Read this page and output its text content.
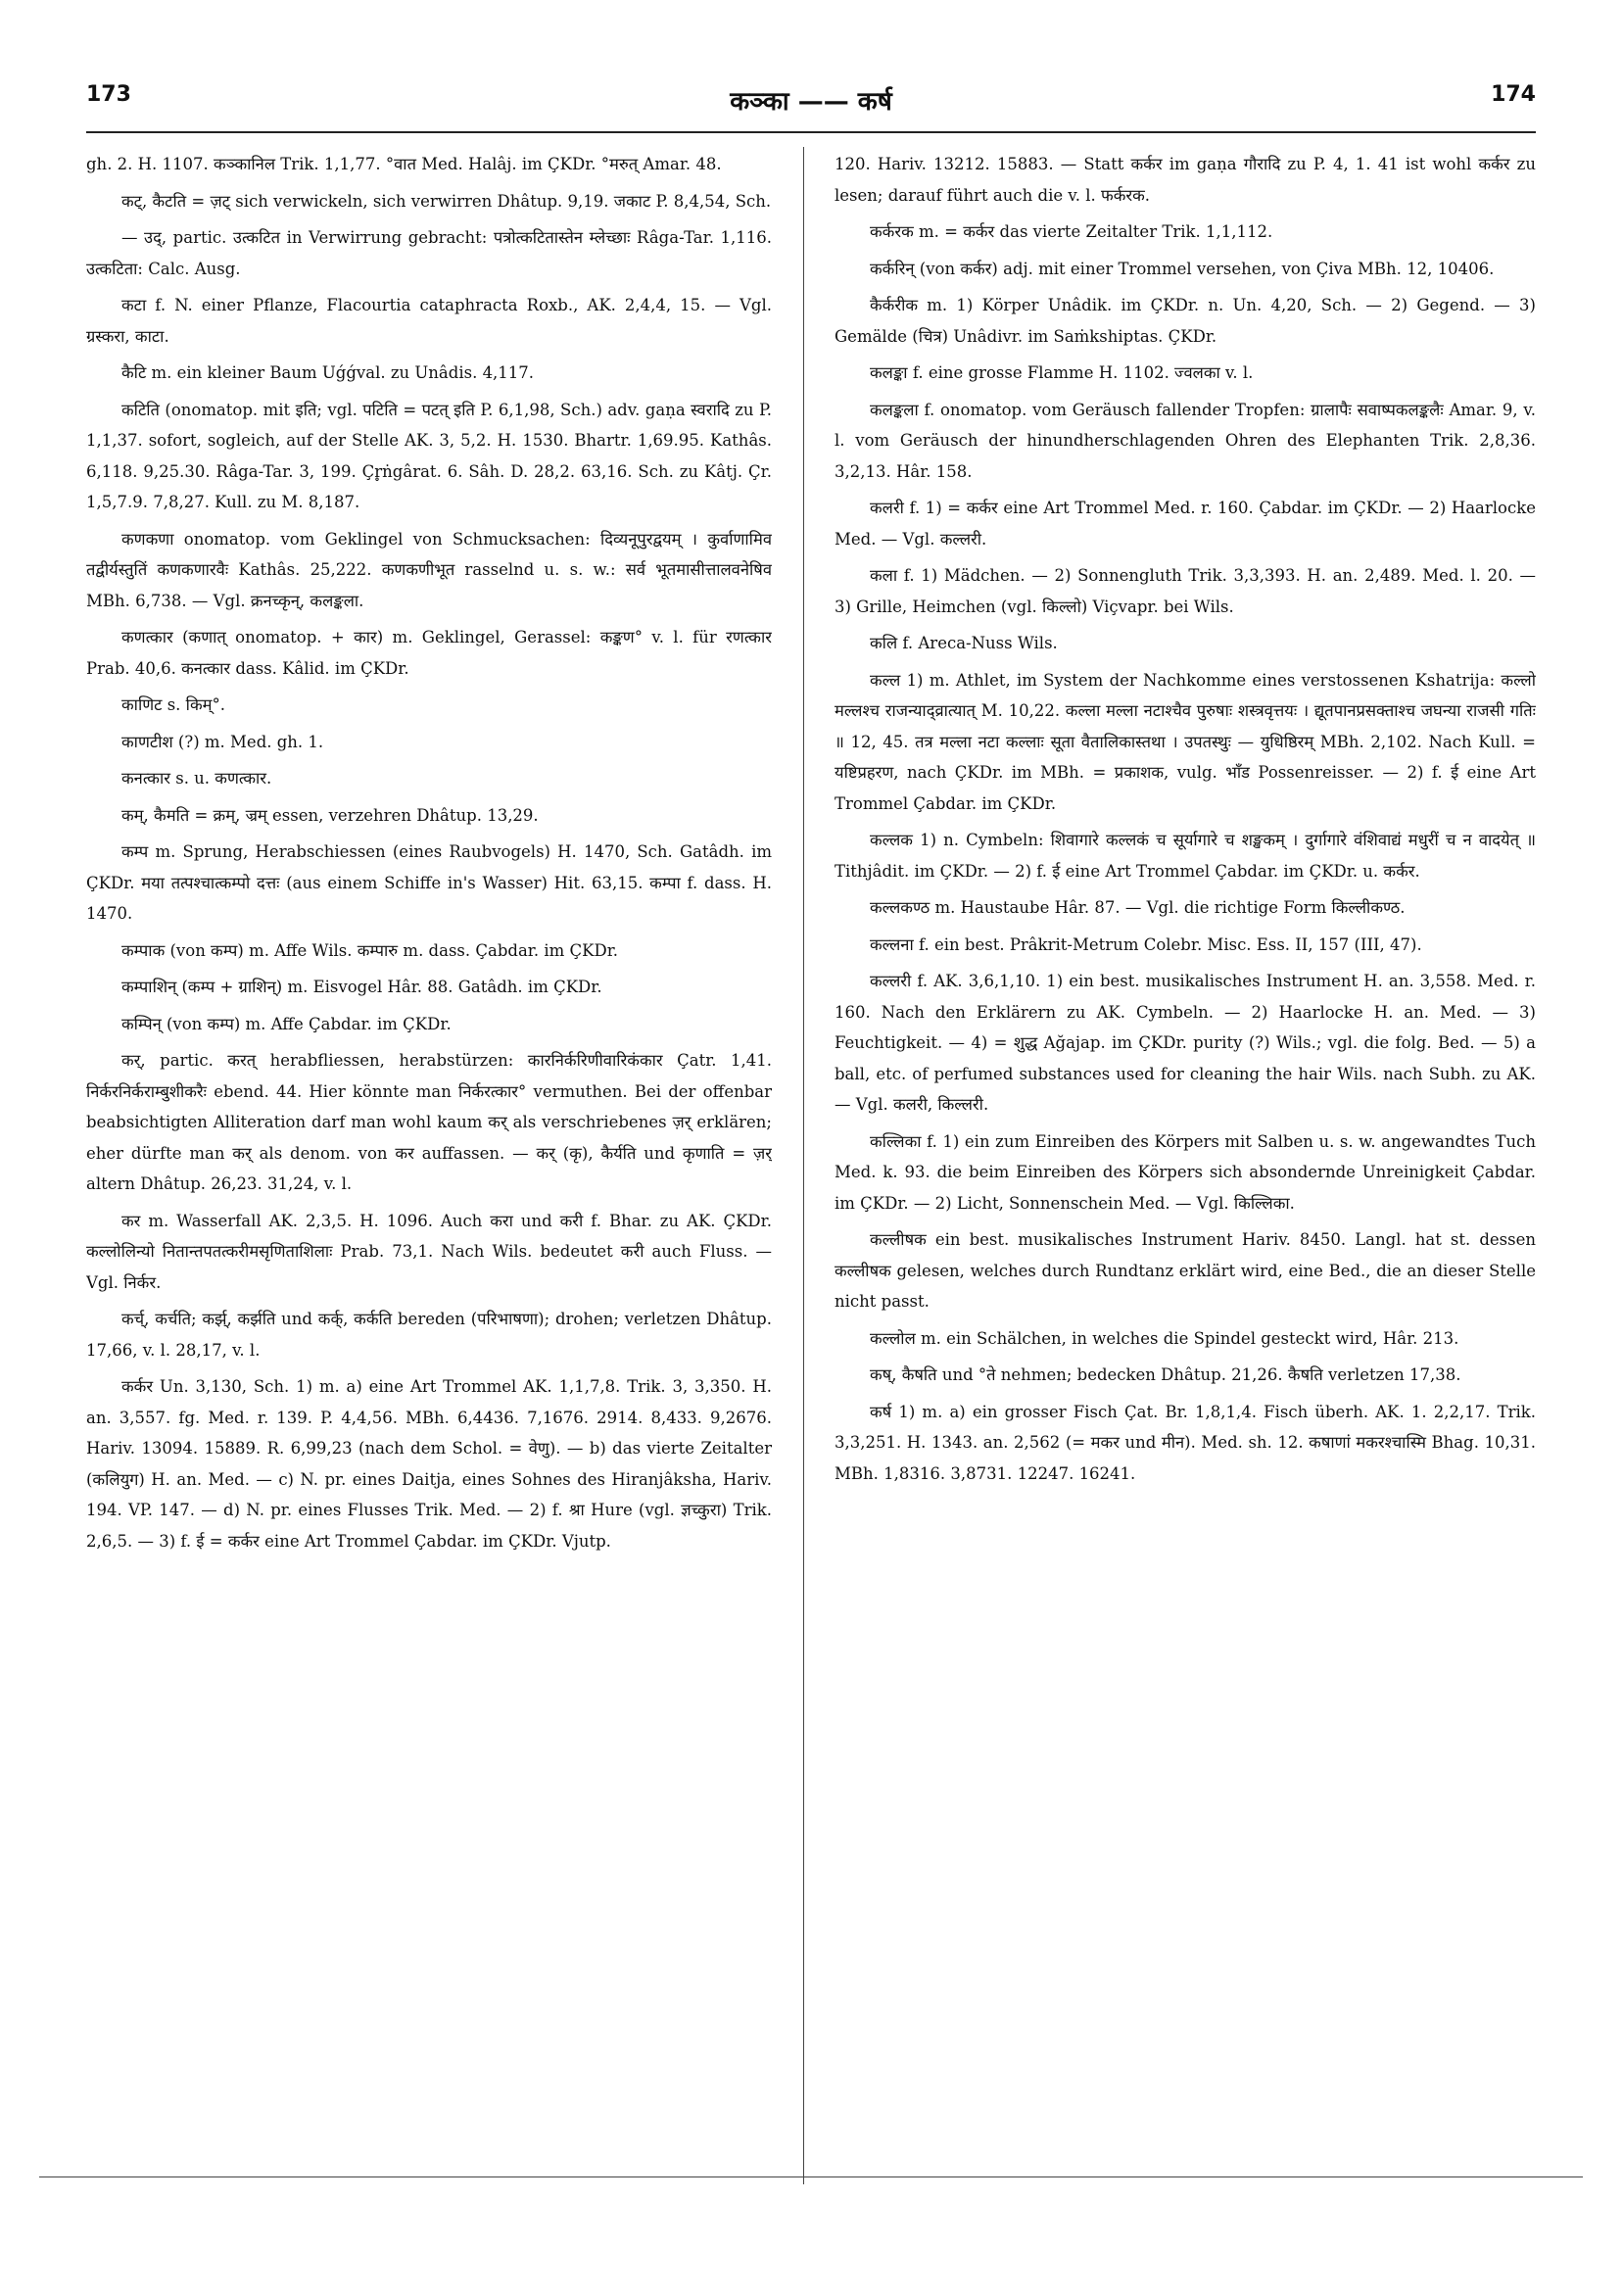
173	कञ्का —— कर्ष	174

gh. 2. H. 1107. कञ्कानिल Trik. 1,1,77. °वात Med. Halâj. im ÇKDr. °मरुत् Amar. 48.

कट्, कैटति = ज़ट् sich verwickeln, sich verwirren Dhâtup. 9,19. जकाट P. 8,4,54, Sch.

— उद्, partic. उत्कटित in Verwirrung gebracht: पत्रोत्कटितास्तेन म्लेच्छाः Râga-Tar. 1,116. उत्कटिता: Calc. Ausg.

कटा f. N. einer Pflanze, Flacourtia cataphracta Roxb., AK. 2,4,4, 15. — Vgl. ग्रस्करा, काटा.

कैटि m. ein kleiner Baum Uǵǵval. zu Unâdis. 4,117.

कटिति (onomatop. mit इति; vgl. पटिति = पटत् इति P. 6,1,98, Sch.) adv. gaṇa स्वरादि zu P. 1,1,37. sofort, sogleich, auf der Stelle AK. 3, 5,2. H. 1530. Bhartr. 1,69.95. Kathâs. 6,118. 9,25.30. Râga-Tar. 3, 199. Çr̥ṅgârat. 6. Sâh. D. 28,2. 63,16. Sch. zu Kâtj. Çr. 1,5,7.9. 7,8,27. Kull. zu M. 8,187.

कणकणा onomatop. vom Geklingel von Schmucksachen: दिव्यनूपुरद्वयम् । कुर्वाणामिव तद्वीर्यस्तुतिं कणकणारवैः Kathâs. 25,222. कणकणीभूत rasselnd u. s. w.: सर्व भूतमासीत्तालवनेषिव MBh. 6,738. — Vgl. क्रनच्कृन्, कलङ्कला.

कणत्कार (कणात् onomatop. + कार) m. Geklingel, Gerassel: कङ्कण° v. l. für रणत्कार Prab. 40,6. कनत्कार dass. Kâlid. im ÇKDr.

काणिट s. किम्°.

काणटीश (?) m. Med. gh. 1.

कनत्कार s. u. कणत्कार.

कम्, कैमति = क्रम्, ज्रम् essen, verzehren Dhâtup. 13,29.

कम्प m. Sprung, Herabschiessen (eines Raubvogels) H. 1470, Sch. Gatâdh. im ÇKDr. मया तत्पश्चात्कम्पो दत्तः (aus einem Schiffe in's Wasser) Hit. 63,15. कम्पा f. dass. H. 1470.

कम्पाक (von कम्प) m. Affe Wils. कम्पारु m. dass. Çabdar. im ÇKDr.

कम्पाशिन् (कम्प + ग्राशिन्) m. Eisvogel Hâr. 88. Gatâdh. im ÇKDr.

कम्पिन् (von कम्प) m. Affe Çabdar. im ÇKDr.

कर्, partic. करत् herabfliessen, herabstürzen: कारनिर्करिणीवारिकंकार Çatr. 1,41. निर्करनिर्कराम्बुशीकरैः ebend. 44. Hier könnte man निर्करत्कार° vermuthen. Bei der offenbar beabsichtigten Alliteration darf man wohl kaum कर् als verschriebenes ज़र् erklären; eher dürfte man कर् als denom. von कर auffassen. — कर् (कृ), कैर्यति und कृणाति = ज़र् altern Dhâtup. 26,23. 31,24, v. l.

कर m. Wasserfall AK. 2,3,5. H. 1096. Auch करा und करी f. Bhar. zu AK. ÇKDr. कल्लोलिन्यो नितान्तपतत्करीमसृणिताशिलाः Prab. 73,1. Nach Wils. bedeutet करी auch Fluss. — Vgl. निर्कर.

कर्च्, कर्चति; कर्झ्, कर्झति und कर्क्, कर्कति bereden (परिभाषणा); drohen; verletzen Dhâtup. 17,66, v. l. 28,17, v. l.

कर्कर Un. 3,130, Sch. 1) m. a) eine Art Trommel AK. 1,1,7,8. Trik. 3, 3,350. H. an. 3,557. fg. Med. r. 139. P. 4,4,56. MBh. 6,4436. 7,1676. 2914. 8,433. 9,2676. Hariv. 13094. 15889. R. 6,99,23 (nach dem Schol. = वेणु). — b) das vierte Zeitalter (कलियुग) H. an. Med. — c) N. pr. eines Daitja, eines Sohnes des Hiranjâksha, Hariv. 194. VP. 147. — d) N. pr. eines Flusses Trik. Med. — 2) f. श्रा Hure (vgl. ज्ञच्कुरा) Trik. 2,6,5. — 3) f. ई = कर्कर eine Art Trommel Çabdar. im ÇKDr. Vjutp.

120. Hariv. 13212. 15883. — Statt कर्कर im gaṇa गौरादि zu P. 4, 1. 41 ist wohl कर्कर zu lesen; darauf führt auch die v. l. फर्करक.

कर्करक m. = कर्कर das vierte Zeitalter Trik. 1,1,112.

कर्करिन् (von कर्कर) adj. mit einer Trommel versehen, von Çiva MBh. 12, 10406.

कैर्करीक m. 1) Körper Unâdik. im ÇKDr. n. Un. 4,20, Sch. — 2) Gegend. — 3) Gemälde (चित्र) Unâdivr. im Saṁkshiptas. ÇKDr.

कलङ्का f. eine grosse Flamme H. 1102. ज्वलका v. l.

कलङ्कला f. onomatop. vom Geräusch fallender Tropfen: ग्रालापैः सवाष्पकलङ्कलैः Amar. 9, v. l. vom Geräusch der hinundherschlagenden Ohren des Elephanten Trik. 2,8,36. 3,2,13. Hâr. 158.

कलरी f. 1) = कर्कर eine Art Trommel Med. r. 160. Çabdar. im ÇKDr. — 2) Haarlocke Med. — Vgl. कल्लरी.

कला f. 1) Mädchen. — 2) Sonnengluth Trik. 3,3,393. H. an. 2,489. Med. l. 20. — 3) Grille, Heimchen (vgl. किल्लो) Viçvapr. bei Wils.

कलि f. Areca-Nuss Wils.

कल्ल 1) m. Athlet, im System der Nachkomme eines verstossenen Kshatrija: कल्लो मल्लश्च राजन्याद्व्रात्यात् M. 10,22. कल्ला मल्ला नटाश्चैव पुरुषाः शस्त्रवृत्तयः । द्यूतपानप्रसक्ताश्च जघन्या राजसी गतिः ॥ 12, 45. तत्र मल्ला नटा कल्लाः सूता वैतालिकास्तथा । उपतस्थुः — युधिष्ठिरम् MBh. 2,102. Nach Kull. = यष्टिप्रहरण, nach ÇKDr. im MBh. = प्रकाशक, vulg. भाँड Possenreisser. — 2) f. ई eine Art Trommel Çabdar. im ÇKDr.

कल्लक 1) n. Cymbeln: शिवागारे कल्लकं च सूर्यागारे च शङ्खकम् । दुर्गागारे वंशिवाद्यं मधुरीं च न वादयेत् ॥ Tithjâdit. im ÇKDr. — 2) f. ई eine Art Trommel Çabdar. im ÇKDr. u. कर्कर.

कल्लकण्ठ m. Haustaube Hâr. 87. — Vgl. die richtige Form किल्लीकण्ठ.

कल्लना f. ein best. Prâkrit-Metrum Colebr. Misc. Ess. II, 157 (III, 47).

कल्लरी f. AK. 3,6,1,10. 1) ein best. musikalisches Instrument H. an. 3,558. Med. r. 160. Nach den Erklärern zu AK. Cymbeln. — 2) Haarlocke H. an. Med. — 3) Feuchtigkeit. — 4) = शुद्ध Ağajap. im ÇKDr. purity (?) Wils.; vgl. die folg. Bed. — 5) a ball, etc. of perfumed substances used for cleaning the hair Wils. nach Subh. zu AK. — Vgl. कलरी, किल्लरी.

कल्लिका f. 1) ein zum Einreiben des Körpers mit Salben u. s. w. angewandtes Tuch Med. k. 93. die beim Einreiben des Körpers sich absondernde Unreinigkeit Çabdar. im ÇKDr. — 2) Licht, Sonnenschein Med. — Vgl. किल्लिका.

कल्लीषक ein best. musikalisches Instrument Hariv. 8450. Langl. hat st. dessen कल्लीषक gelesen, welches durch Rundtanz erklärt wird, eine Bed., die an dieser Stelle nicht passt.

कल्लोल m. ein Schälchen, in welches die Spindel gesteckt wird, Hâr. 213.

कष्, कैषति und °ते nehmen; bedecken Dhâtup. 21,26. कैषति verletzen 17,38.

कर्ष 1) m. a) ein grosser Fisch Çat. Br. 1,8,1,4. Fisch überh. AK. 1. 2,2,17. Trik. 3,3,251. H. 1343. an. 2,562 (= मकर und मीन). Med. sh. 12. कषाणां मकरश्चास्मि Bhag. 10,31. MBh. 1,8316. 3,8731. 12247. 16241.
